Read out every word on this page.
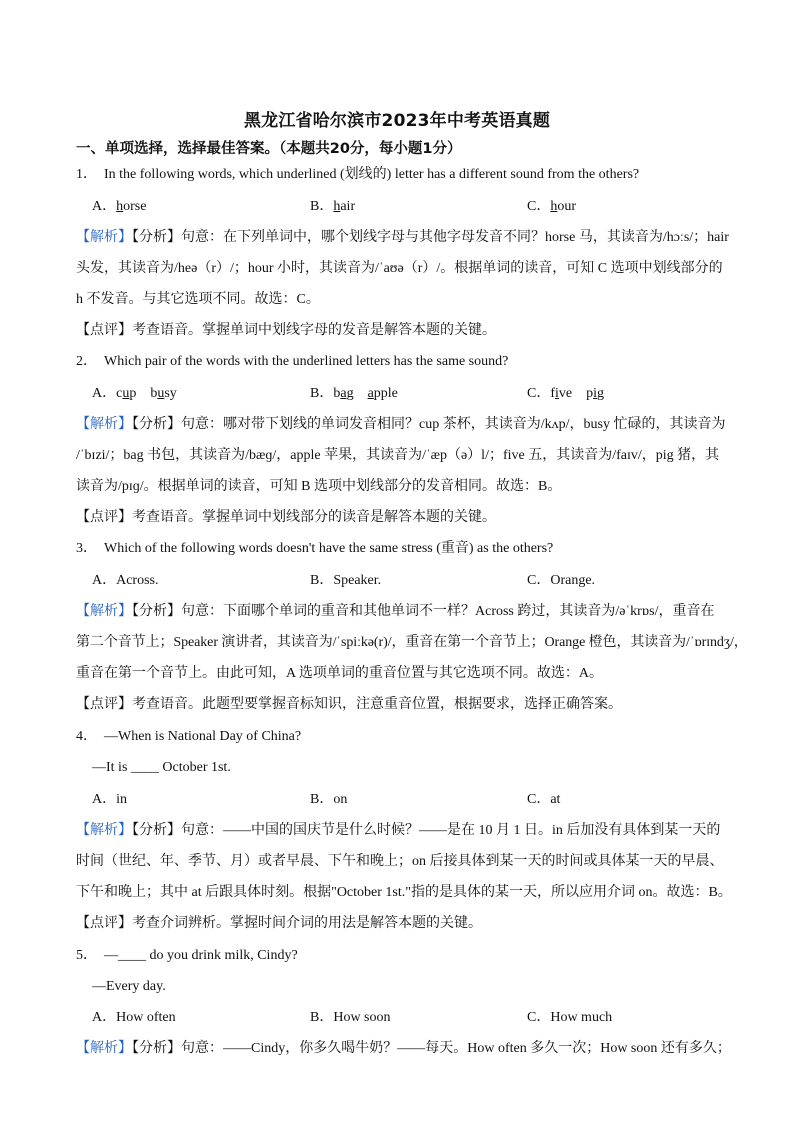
黑龙江省哈尔滨市2023年中考英语真题
一、单项选择，选择最佳答案。（本题共20分，每小题1分）
1． In the following words, which underlined (划线的) letter has a different sound from the others?
A．horse	B．hair	C．hour
【解析】【分析】句意：在下列单词中，哪个划线字母与其他字母发音不同？horse 马，其读音为/hɔːs/；hair
头发，其读音为/heə（r）/；hour 小时，其读音为/ˈaʊə（r）/。根据单词的读音，可知 C 选项中划线部分的
h 不发音。与其它选项不同。故选：C。
【点评】考查语音。掌握单词中划线字母的发音是解答本题的关键。
2． Which pair of the words with the underlined letters has the same sound?
A．cup busy	B．bag apple	C．five pig
【解析】【分析】句意：哪对带下划线的单词发音相同？cup 茶杯，其读音为/kʌp/，busy 忙碌的，其读音为
/ˈbɪzi/；bag 书包，其读音为/bæɡ/，apple 苹果，其读音为/ˈæp（ə）l/；five 五，其读音为/faɪv/，pig 猪，其
读音为/pɪɡ/。根据单词的读音，可知 B 选项中划线部分的发音相同。故选：B。
【点评】考查语音。掌握单词中划线部分的读音是解答本题的关键。
3． Which of the following words doesn't have the same stress (重音) as the others?
A．Across.	B．Speaker.	C．Orange.
【解析】【分析】句意：下面哪个单词的重音和其他单词不一样？Across 跨过，其读音为/əˈkrɒs/，重音在
第二个音节上；Speaker 演讲者，其读音为/ˈspiːkə(r)/，重音在第一个音节上；Orange 橙色，其读音为/ˈɒrɪndʒ/，
重音在第一个音节上。由此可知，A 选项单词的重音位置与其它选项不同。故选：A。
【点评】考查语音。此题型要掌握音标知识，注意重音位置，根据要求，选择正确答案。
4． —When is National Day of China?
—It is ____ October 1st.
A．in	B．on	C．at
【解析】【分析】句意：——中国的国庆节是什么时候？——是在 10 月 1 日。in 后加没有具体到某一天的
时间（世纪、年、季节、月）或者早晨、下午和晚上；on 后接具体到某一天的时间或具体某一天的早晨、
下午和晚上；其中 at 后跟具体时刻。根据"October 1st."指的是具体的某一天，所以应用介词 on。故选：B。
【点评】考查介词辨析。掌握时间介词的用法是解答本题的关键。
5． —____ do you drink milk, Cindy?
—Every day.
A．How often	B．How soon	C．How much
【解析】【分析】句意：——Cindy，你多久喝牛奶？——每天。How often 多久一次；How soon 还有多久；
